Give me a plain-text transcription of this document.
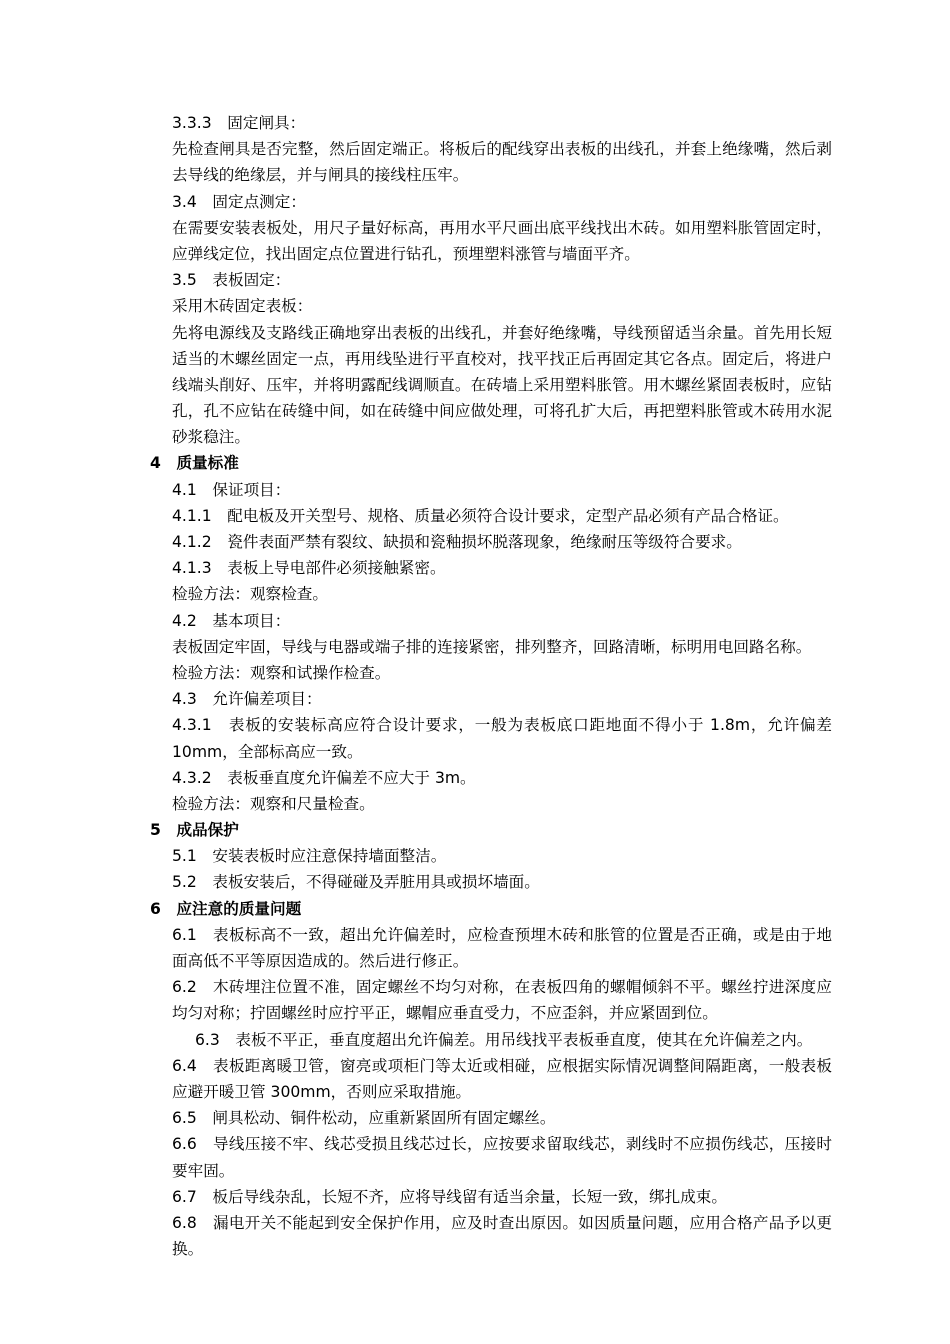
3.3.3　固定闸具：

先检查闸具是否完整，然后固定端正。将板后的配线穿出表板的出线孔，并套上绝缘嘴，然后剥去导线的绝缘层，并与闸具的接线柱压牢。

3.4　固定点测定：

在需要安装表板处，用尺子量好标高，再用水平尺画出底平线找出木砖。如用塑料胀管固定时，应弹线定位，找出固定点位置进行钻孔，预埋塑料涨管与墙面平齐。

3.5　表板固定：

采用木砖固定表板：

先将电源线及支路线正确地穿出表板的出线孔，并套好绝缘嘴，导线预留适当余量。首先用长短适当的木螺丝固定一点，再用线坠进行平直校对，找平找正后再固定其它各点。固定后，将进户线端头削好、压牢，并将明露配线调顺直。在砖墙上采用塑料胀管。用木螺丝紧固表板时，应钻孔，孔不应钻在砖缝中间，如在砖缝中间应做处理，可将孔扩大后，再把塑料胀管或木砖用水泥砂浆稳注。

4　质量标准

4.1　保证项目：

4.1.1　配电板及开关型号、规格、质量必须符合设计要求，定型产品必须有产品合格证。

4.1.2　瓷件表面严禁有裂纹、缺损和瓷釉损坏脱落现象，绝缘耐压等级符合要求。

4.1.3　表板上导电部件必须接触紧密。

检验方法：观察检查。

4.2　基本项目：

表板固定牢固，导线与电器或端子排的连接紧密，排列整齐，回路清晰，标明用电回路名称。

检验方法：观察和试操作检查。

4.3　允许偏差项目：

4.3.1　表板的安装标高应符合设计要求，一般为表板底口距地面不得小于 1.8m，允许偏差 10mm，全部标高应一致。

4.3.2　表板垂直度允许偏差不应大于 3m。

检验方法：观察和尺量检查。

5　成品保护

5.1　安装表板时应注意保持墙面整洁。

5.2　表板安装后，不得碰碰及弄脏用具或损坏墙面。

6　应注意的质量问题

6.1　表板标高不一致，超出允许偏差时，应检查预埋木砖和胀管的位置是否正确，或是由于地面高低不平等原因造成的。然后进行修正。

6.2　木砖埋注位置不准，固定螺丝不均匀对称，在表板四角的螺帽倾斜不平。螺丝拧进深度应均匀对称；拧固螺丝时应拧平正，螺帽应垂直受力，不应歪斜，并应紧固到位。

6.3　表板不平正，垂直度超出允许偏差。用吊线找平表板垂直度，使其在允许偏差之内。

6.4　表板距离暖卫管，窗亮或项柜门等太近或相碰，应根据实际情况调整间隔距离，一般表板应避开暖卫管 300mm，否则应采取措施。

6.5　闸具松动、铜件松动，应重新紧固所有固定螺丝。

6.6　导线压接不牢、线芯受损且线芯过长，应按要求留取线芯，剥线时不应损伤线芯，压接时要牢固。

6.7　板后导线杂乱，长短不齐，应将导线留有适当余量，长短一致，绑扎成束。

6.8　漏电开关不能起到安全保护作用，应及时查出原因。如因质量问题，应用合格产品予以更换。
